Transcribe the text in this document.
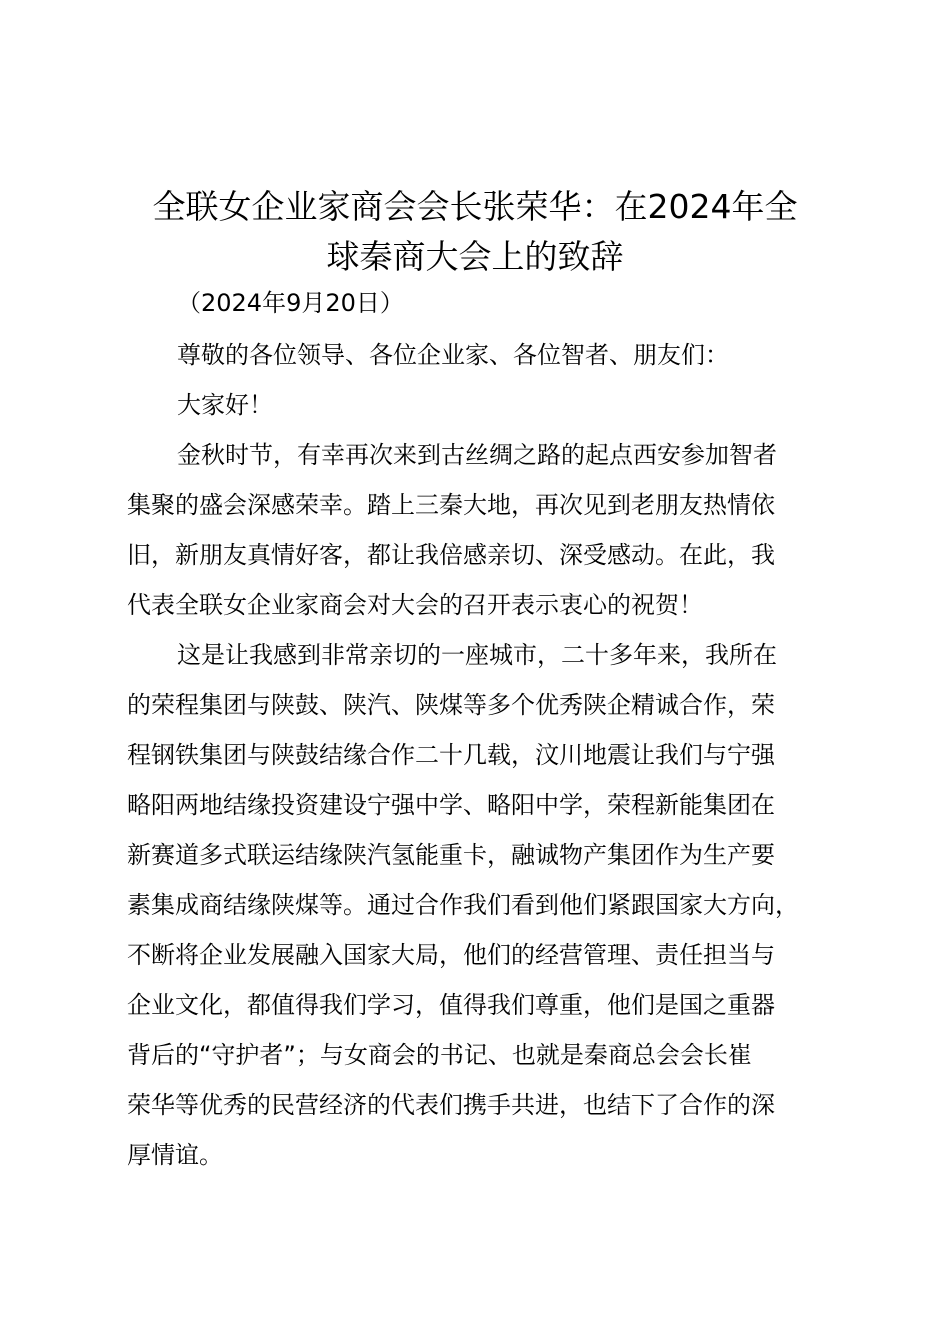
全联女企业家商会会长张荣华：在2024年全
球秦商大会上的致辞

（2024年9月20日）

尊敬的各位领导、各位企业家、各位智者、朋友们：

大家好！

金秋时节，有幸再次来到古丝绸之路的起点西安参加智者

集聚的盛会深感荣幸。踏上三秦大地，再次见到老朋友热情依

旧，新朋友真情好客，都让我倍感亲切、深受感动。在此，我

代表全联女企业家商会对大会的召开表示衷心的祝贺！

这是让我感到非常亲切的一座城市，二十多年来，我所在

的荣程集团与陕鼓、陕汽、陕煤等多个优秀陕企精诚合作，荣

程钢铁集团与陕鼓结缘合作二十几载，汶川地震让我们与宁强

略阳两地结缘投资建设宁强中学、略阳中学，荣程新能集团在

新赛道多式联运结缘陕汽氢能重卡，融诚物产集团作为生产要

素集成商结缘陕煤等。通过合作我们看到他们紧跟国家大方向，

不断将企业发展融入国家大局，他们的经营管理、责任担当与

企业文化，都值得我们学习，值得我们尊重，他们是国之重器

背后的“守护者”；与女商会的书记、也就是秦商总会会长崔

荣华等优秀的民营经济的代表们携手共进，也结下了合作的深

厚情谊。
